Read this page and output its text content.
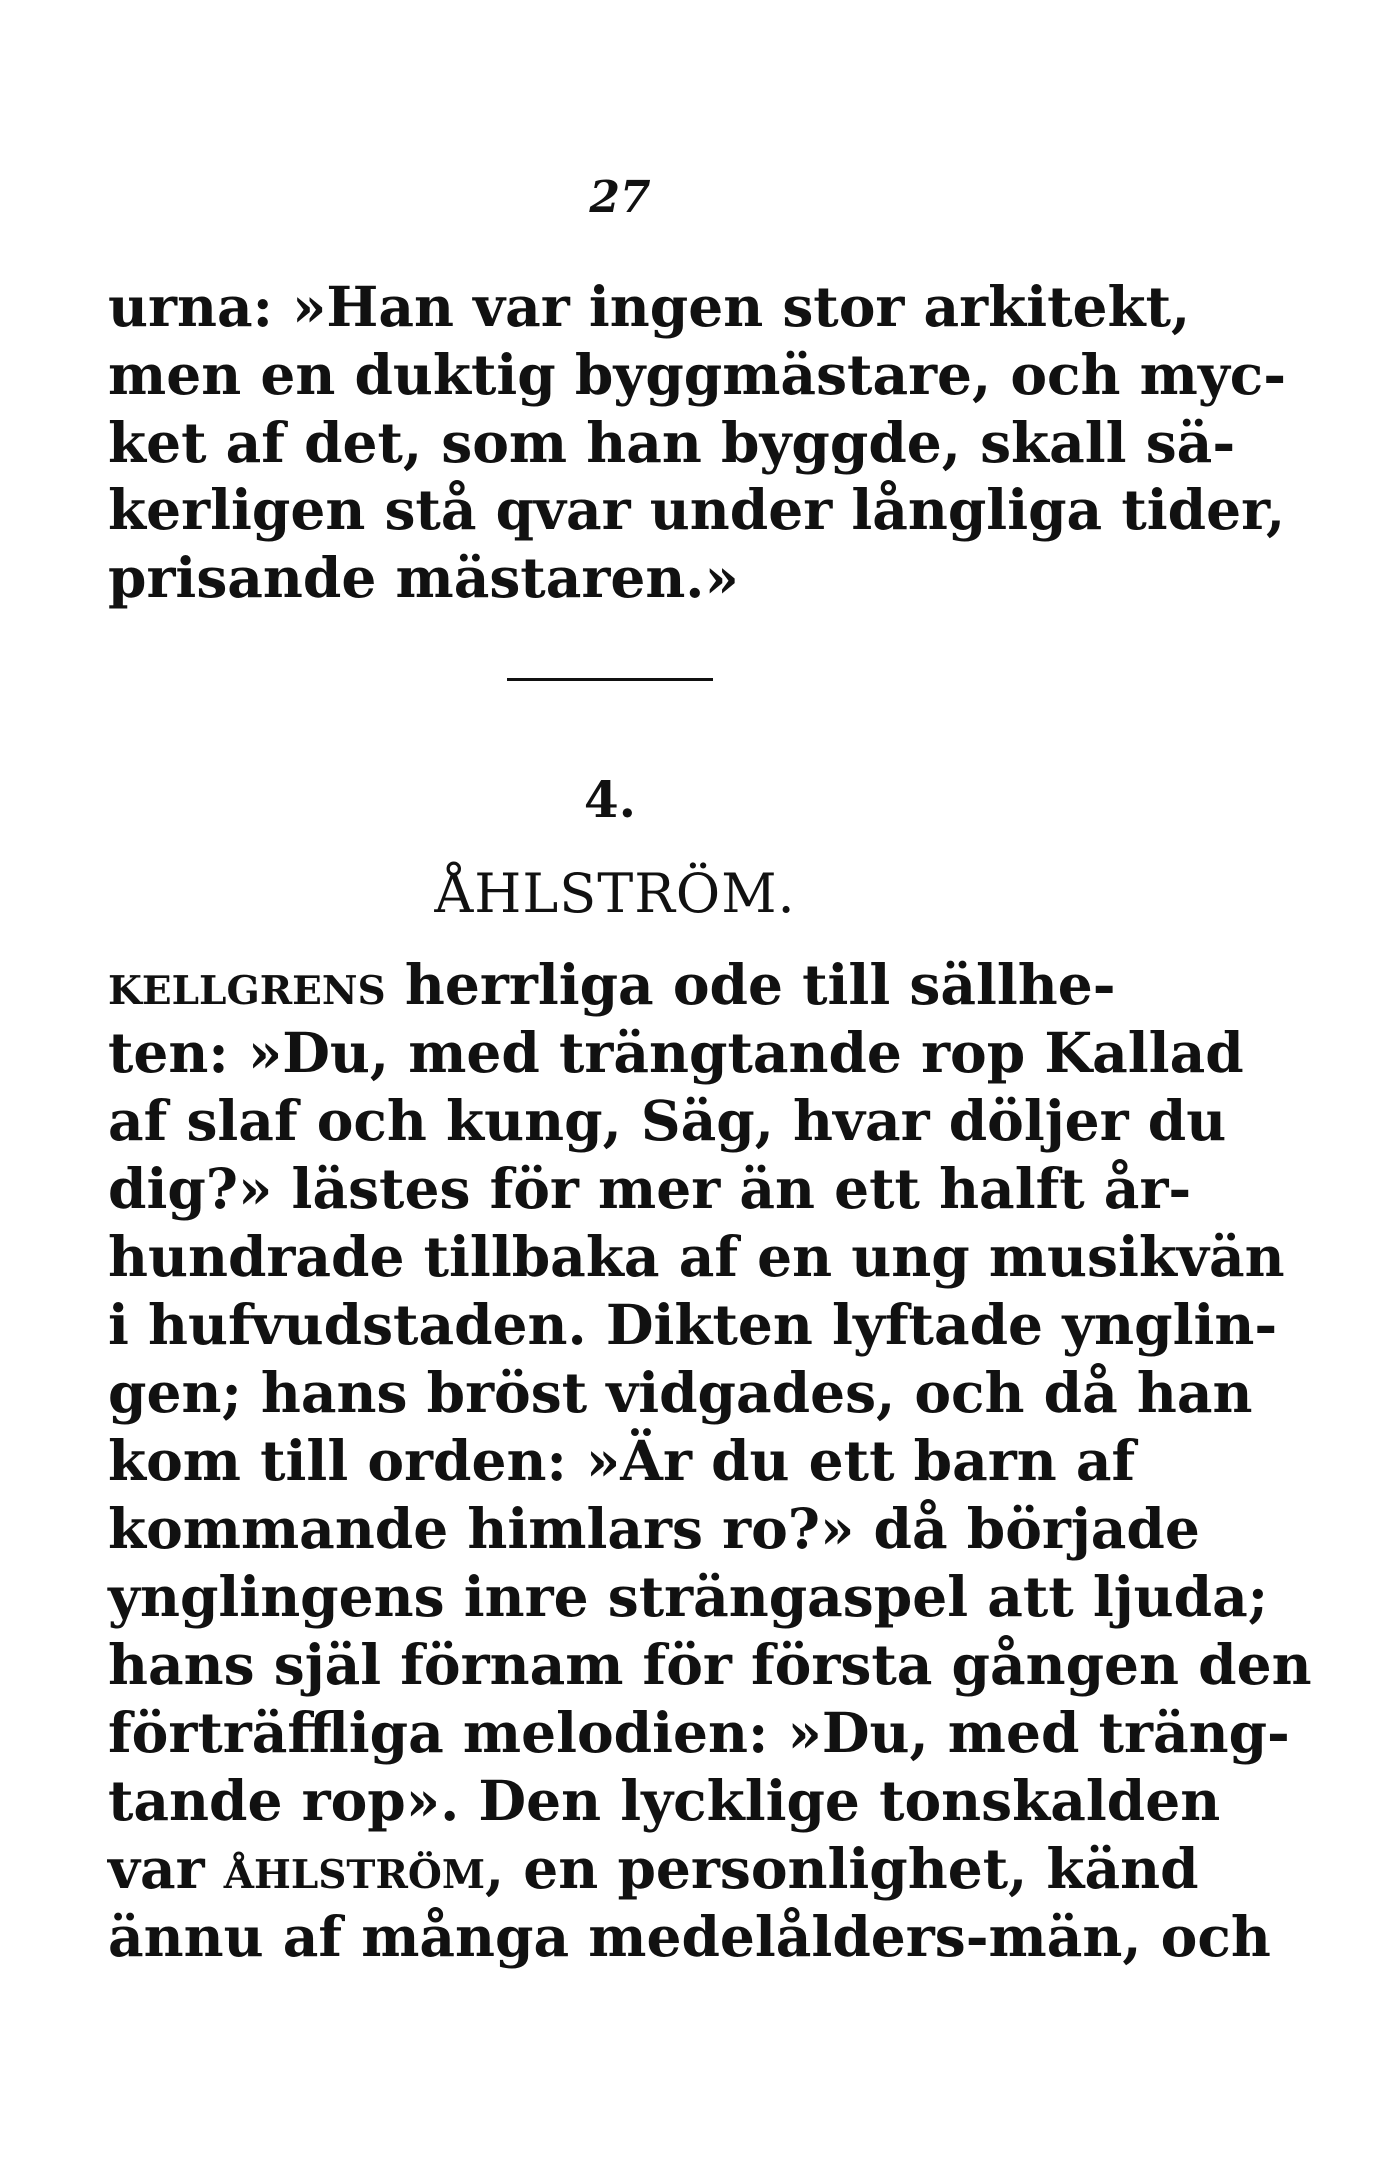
27
urna: »Han var ingen stor arkitekt,
men en duktig byggmästare, och myc-
ket af det, som han byggde, skall sä-
kerligen stå qvar under långliga tider,
prisande mästaren.»
4.
ÅHLSTRÖM.
kellgrens herrliga ode till sällhe-
ten: »Du, med trängtande rop Kallad
af slaf och kung, Säg, hvar döljer du
dig?» lästes för mer än ett halft år-
hundrade tillbaka af en ung musikvän
i hufvudstaden. Dikten lyftade ynglin-
gen; hans bröst vidgades, och då han
kom till orden: »Är du ett barn af
kommande himlars ro?» då började
ynglingens inre strängaspel att ljuda;
hans själ förnam för första gången den
förträffliga melodien: »Du, med träng-
tande rop». Den lycklige tonskalden
var åhlström, en personlighet, känd
ännu af många medelålders-män, och
